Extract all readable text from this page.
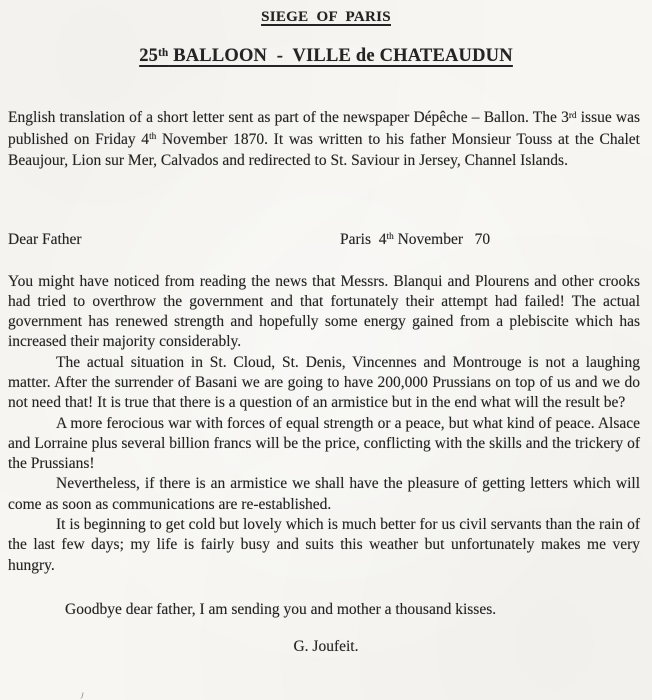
SIEGE  OF  PARIS
25th BALLOON  -  VILLE de CHATEAUDUN

English translation of a short letter sent as part of the newspaper Dépêche – Ballon. The 3rd issue was published on Friday 4th November 1870. It was written to his father Monsieur Touss at the Chalet Beaujour, Lion sur Mer, Calvados and redirected to St. Saviour in Jersey, Channel Islands.

Dear Father	Paris  4th November   70

You might have noticed from reading the news that Messrs. Blanqui and Plourens and other crooks had tried to overthrow the government and that fortunately their attempt had failed! The actual government has renewed strength and hopefully some energy gained from a plebiscite which has increased their majority considerably.

The actual situation in St. Cloud, St. Denis, Vincennes and Montrouge is not a laughing matter. After the surrender of Basani we are going to have 200,000 Prussians on top of us and we do not need that! It is true that there is a question of an armistice but in the end what will the result be?

A more ferocious war with forces of equal strength or a peace, but what kind of peace. Alsace and Lorraine plus several billion francs will be the price, conflicting with the skills and the trickery of the Prussians!

Nevertheless, if there is an armistice we shall have the pleasure of getting letters which will come as soon as communications are re-established.

It is beginning to get cold but lovely which is much better for us civil servants than the rain of the last few days; my life is fairly busy and suits this weather but unfortunately makes me very hungry.

Goodbye dear father, I am sending you and mother a thousand kisses.

G. Joufeit.
